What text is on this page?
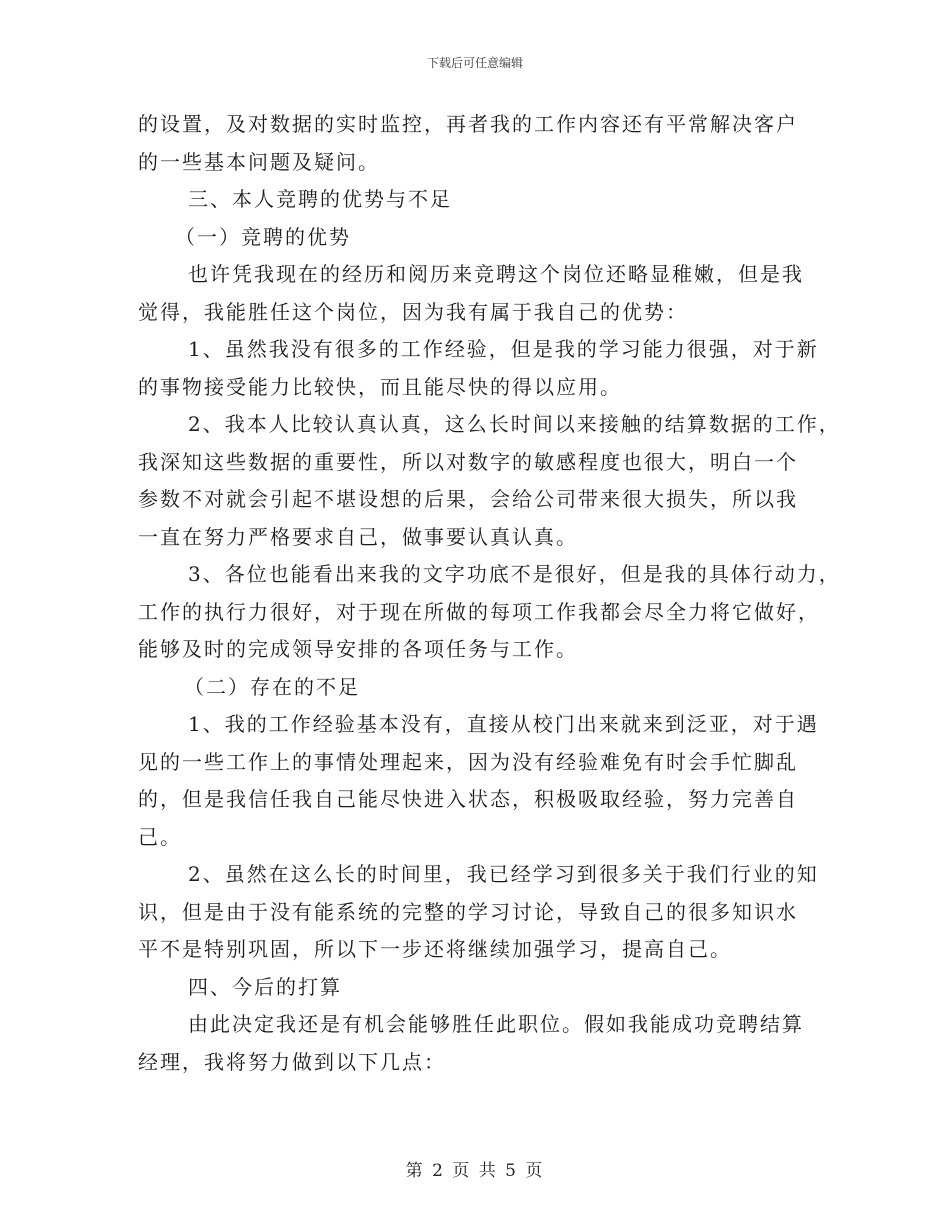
下载后可任意编辑
的设置，及对数据的实时监控，再者我的工作内容还有平常解决客户
的一些基本问题及疑问。
三、本人竞聘的优势与不足
（一）竞聘的优势
也许凭我现在的经历和阅历来竞聘这个岗位还略显稚嫩，但是我
觉得，我能胜任这个岗位，因为我有属于我自己的优势：
1、虽然我没有很多的工作经验，但是我的学习能力很强，对于新
的事物接受能力比较快，而且能尽快的得以应用。
2、我本人比较认真认真，这么长时间以来接触的结算数据的工作，
我深知这些数据的重要性，所以对数字的敏感程度也很大，明白一个
参数不对就会引起不堪设想的后果，会给公司带来很大损失，所以我
一直在努力严格要求自己，做事要认真认真。
3、各位也能看出来我的文字功底不是很好，但是我的具体行动力，
工作的执行力很好，对于现在所做的每项工作我都会尽全力将它做好，
能够及时的完成领导安排的各项任务与工作。
（二）存在的不足
1、我的工作经验基本没有，直接从校门出来就来到泛亚，对于遇
见的一些工作上的事情处理起来，因为没有经验难免有时会手忙脚乱
的，但是我信任我自己能尽快进入状态，积极吸取经验，努力完善自
己。
2、虽然在这么长的时间里，我已经学习到很多关于我们行业的知
识，但是由于没有能系统的完整的学习讨论，导致自己的很多知识水
平不是特别巩固，所以下一步还将继续加强学习，提高自己。
四、今后的打算
由此决定我还是有机会能够胜任此职位。假如我能成功竞聘结算
经理，我将努力做到以下几点：
第 2 页 共 5 页
